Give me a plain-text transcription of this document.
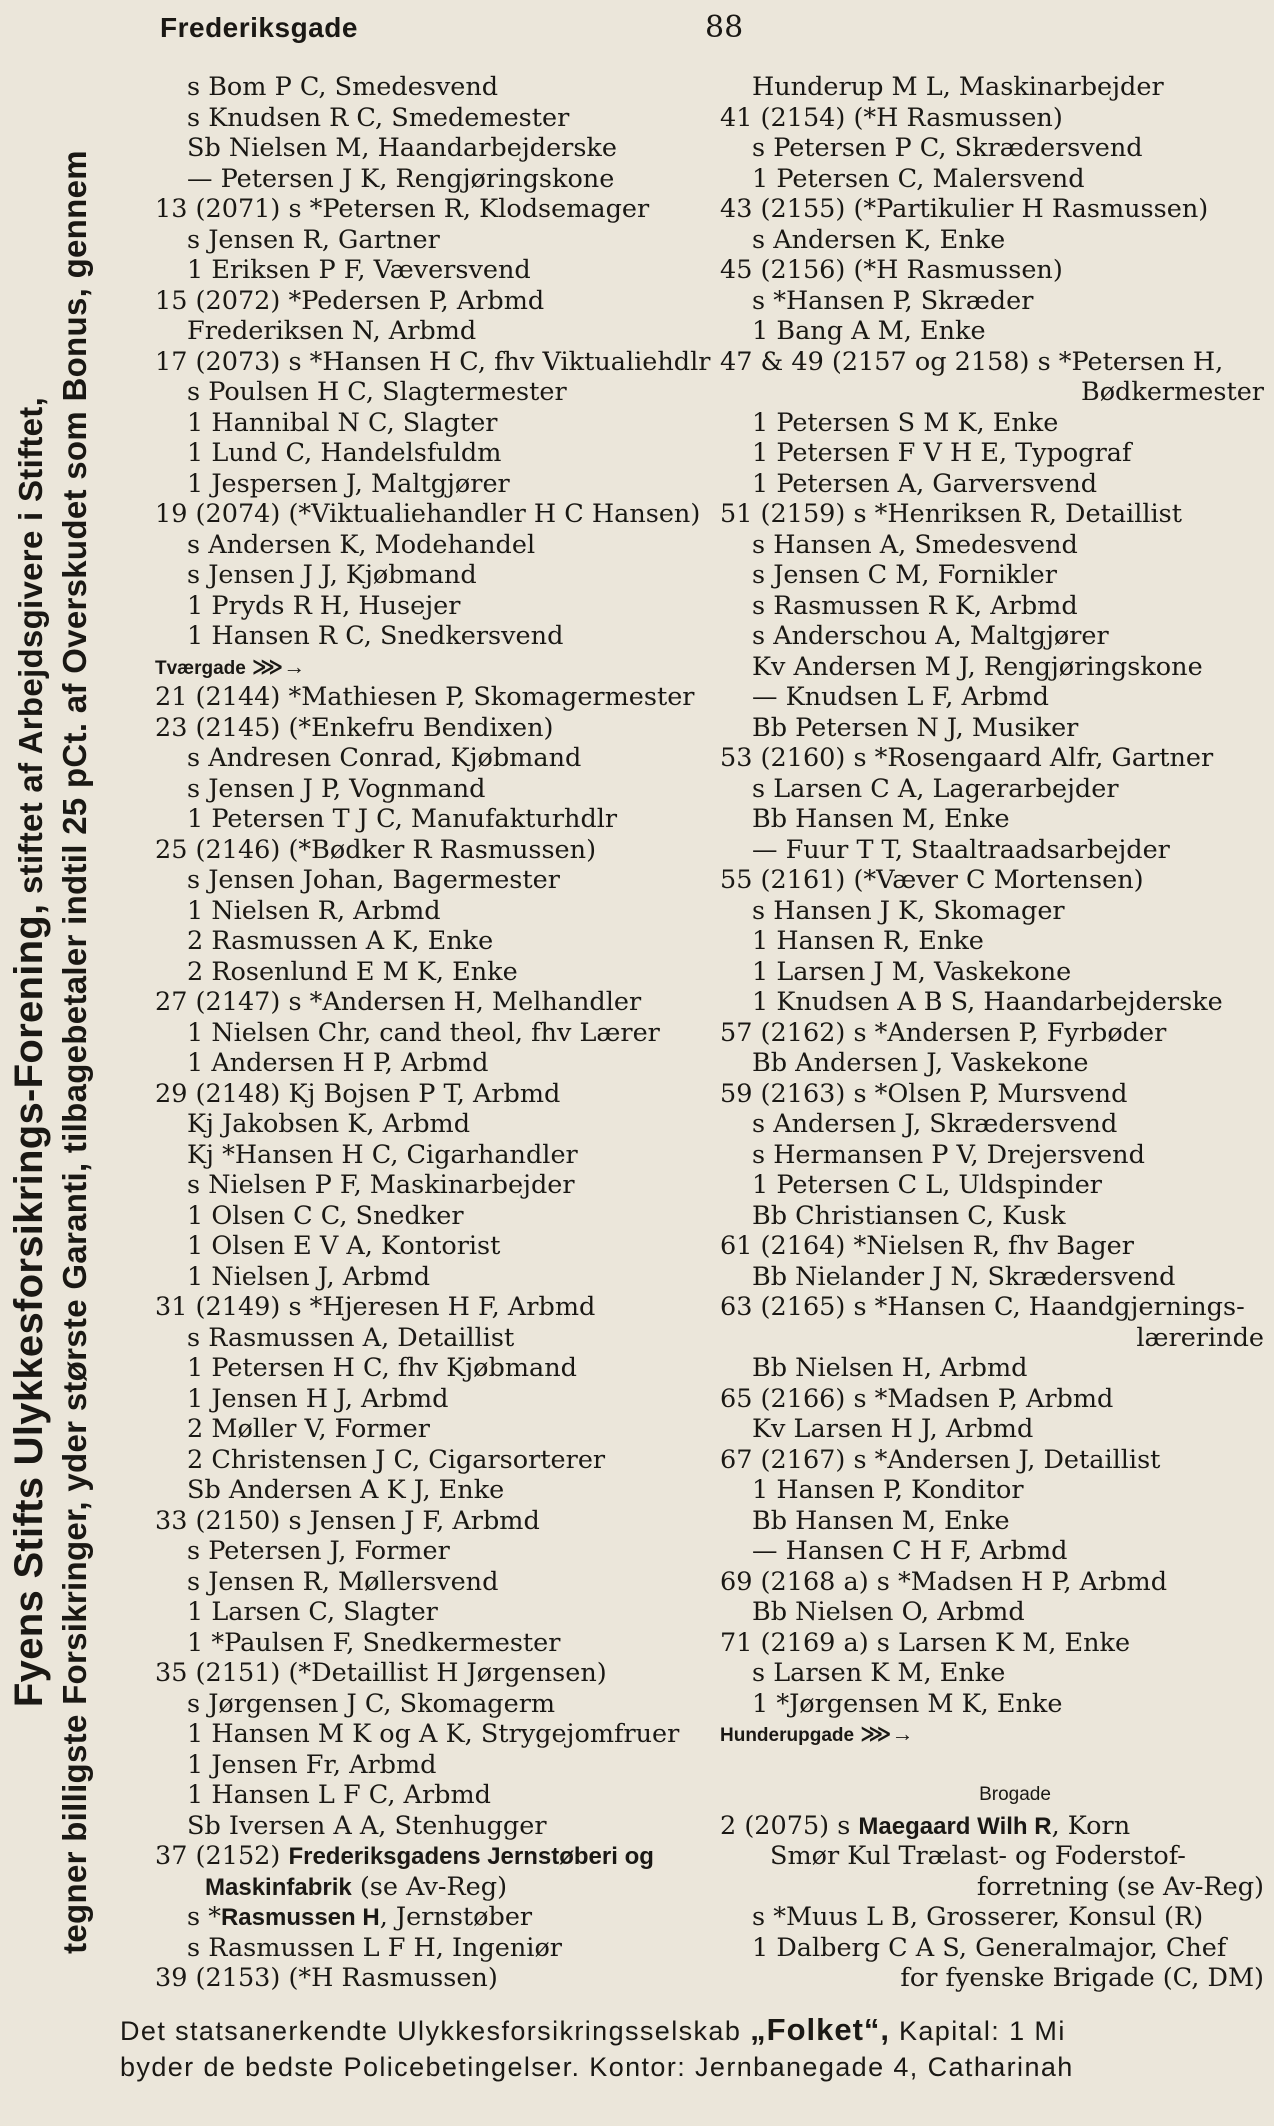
Frederiksgade	88
Fyens Stifts Ulykkesforsikrings-Forening, stiftet af Arbejdsgivere i Stiftet, tegner billigste Forsikringer, yder største Garanti, tilbagebetaler indtil 25 pCt. af Overskudet som Bonus, gennem
s Bom P C, Smedesvend
s Knudsen R C, Smedemester
Sb Nielsen M, Haandarbejderske
— Petersen J K, Rengjøringskone
13 (2071) s *Petersen R, Klodsemager
s Jensen R, Gartner
1 Eriksen P F, Væversvend
15 (2072) *Pedersen P, Arbmd
Frederiksen N, Arbmd
17 (2073) s *Hansen H C, fhv Viktualiehdlr
s Poulsen H C, Slagtermester
1 Hannibal N C, Slagter
1 Lund C, Handelsfuldm
1 Jespersen J, Maltgjører
19 (2074) (*Viktualiehandler H C Hansen)
s Andersen K, Modehandel
s Jensen J J, Kjøbmand
1 Pryds R H, Husejer
1 Hansen R C, Snedkersvend
Tværgade ⋙→
21 (2144) *Mathiesen P, Skomagermester
23 (2145) (*Enkefru Bendixen)
s Andresen Conrad, Kjøbmand
s Jensen J P, Vognmand
1 Petersen T J C, Manufakturhdlr
25 (2146) (*Bødker R Rasmussen)
s Jensen Johan, Bagermester
1 Nielsen R, Arbmd
2 Rasmussen A K, Enke
2 Rosenlund E M K, Enke
27 (2147) s *Andersen H, Melhandler
1 Nielsen Chr, cand theol, fhv Lærer
1 Andersen H P, Arbmd
29 (2148) Kj Bojsen P T, Arbmd
Kj Jakobsen K, Arbmd
Kj *Hansen H C, Cigarhandler
s Nielsen P F, Maskinarbejder
1 Olsen C C, Snedker
1 Olsen E V A, Kontorist
1 Nielsen J, Arbmd
31 (2149) s *Hjeresen H F, Arbmd
s Rasmussen A, Detaillist
1 Petersen H C, fhv Kjøbmand
1 Jensen H J, Arbmd
2 Møller V, Former
2 Christensen J C, Cigarsorterer
Sb Andersen A K J, Enke
33 (2150) s Jensen J F, Arbmd
s Petersen J, Former
s Jensen R, Møllersvend
1 Larsen C, Slagter
1 *Paulsen F, Snedkermester
35 (2151) (*Detaillist H Jørgensen)
s Jørgensen J C, Skomagerm
1 Hansen M K og A K, Strygejomfruer
1 Jensen Fr, Arbmd
1 Hansen L F C, Arbmd
Sb Iversen A A, Stenhugger
37 (2152) Frederiksgadens Jernstøberi og
Maskinfabrik (se Av-Reg)
s *Rasmussen H, Jernstøber
s Rasmussen L F H, Ingeniør
39 (2153) (*H Rasmussen)
Hunderup M L, Maskinarbejder
41 (2154) (*H Rasmussen)
s Petersen P C, Skrædersvend
1 Petersen C, Malersvend
43 (2155) (*Partikulier H Rasmussen)
s Andersen K, Enke
45 (2156) (*H Rasmussen)
s *Hansen P, Skræder
1 Bang A M, Enke
47 & 49 (2157 og 2158) s *Petersen H,
Bødkermester
1 Petersen S M K, Enke
1 Petersen F V H E, Typograf
1 Petersen A, Garversvend
51 (2159) s *Henriksen R, Detaillist
s Hansen A, Smedesvend
s Jensen C M, Fornikler
s Rasmussen R K, Arbmd
s Anderschou A, Maltgjører
Kv Andersen M J, Rengjøringskone
— Knudsen L F, Arbmd
Bb Petersen N J, Musiker
53 (2160) s *Rosengaard Alfr, Gartner
s Larsen C A, Lagerarbejder
Bb Hansen M, Enke
— Fuur T T, Staaltraadsarbejder
55 (2161) (*Væver C Mortensen)
s Hansen J K, Skomager
1 Hansen R, Enke
1 Larsen J M, Vaskekone
1 Knudsen A B S, Haandarbejderske
57 (2162) s *Andersen P, Fyrbøder
Bb Andersen J, Vaskekone
59 (2163) s *Olsen P, Mursvend
s Andersen J, Skrædersvend
s Hermansen P V, Drejersvend
1 Petersen C L, Uldspinder
Bb Christiansen C, Kusk
61 (2164) *Nielsen R, fhv Bager
Bb Nielander J N, Skrædersvend
63 (2165) s *Hansen C, Haandgjernings-
lærerinde
Bb Nielsen H, Arbmd
65 (2166) s *Madsen P, Arbmd
Kv Larsen H J, Arbmd
67 (2167) s *Andersen J, Detaillist
1 Hansen P, Konditor
Bb Hansen M, Enke
— Hansen C H F, Arbmd
69 (2168 a) s *Madsen H P, Arbmd
Bb Nielsen O, Arbmd
71 (2169 a) s Larsen K M, Enke
s Larsen K M, Enke
1 *Jørgensen M K, Enke
Hunderupgade ⋙→
Brogade
2 (2075) s Maegaard Wilh R, Korn
Smør Kul Trælast- og Foderstof-
forretning (se Av-Reg)
s *Muus L B, Grosserer, Konsul (R)
1 Dalberg C A S, Generalmajor, Chef
for fyenske Brigade (C, DM)
Det statsanerkendte Ulykkesforsikringsselskab „Folket“, Kapital: 1 Mi
byder de bedste Policebetingelser. Kontor: Jernbanegade 4, Catharinah
